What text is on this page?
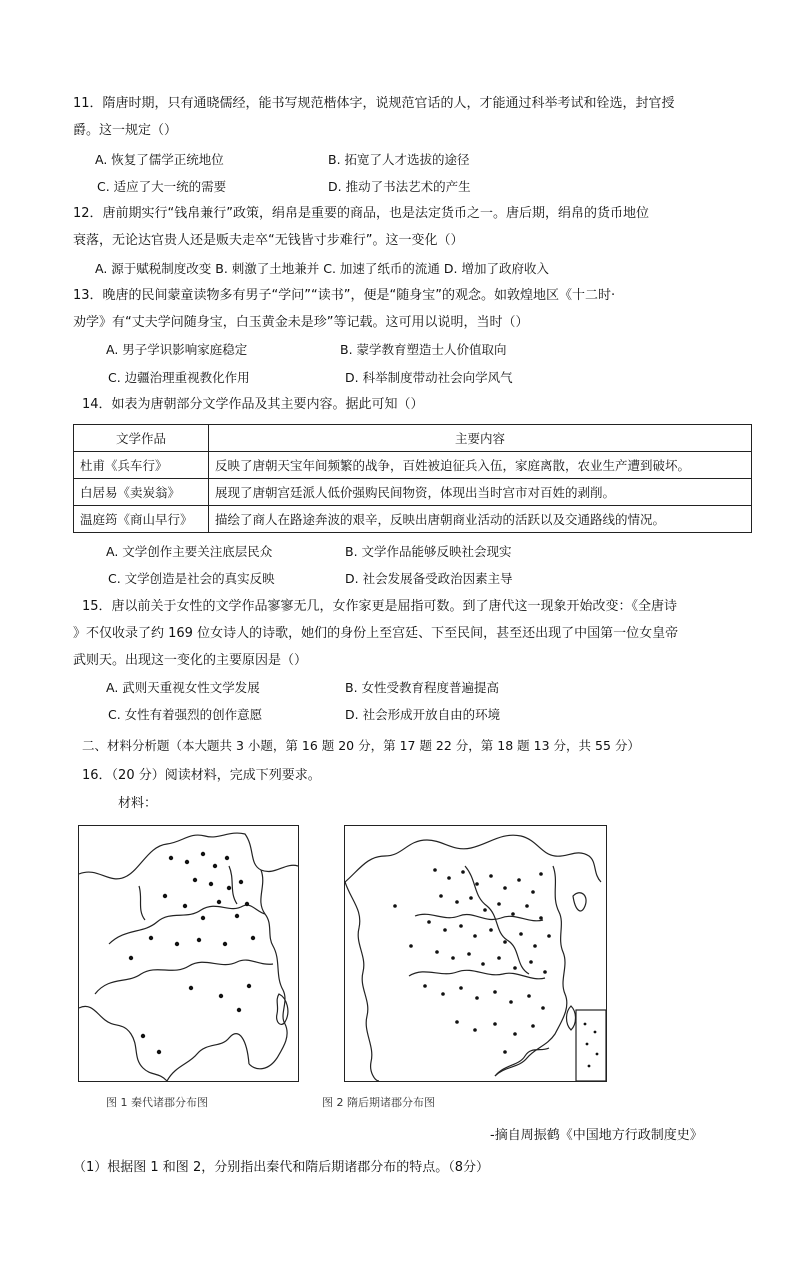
11．隋唐时期，只有通晓儒经，能书写规范楷体字，说规范官话的人，才能通过科举考试和铨选，封官授
爵。这一规定（）
A. 恢复了儒学正统地位	B. 拓宽了人才选拔的途径
C. 适应了大一统的需要	D. 推动了书法艺术的产生
12．唐前期实行“钱帛兼行”政策，绢帛是重要的商品，也是法定货币之一。唐后期，绢帛的货币地位
衰落，无论达官贵人还是贩夫走卒“无钱皆寸步难行”。这一变化（）
A. 源于赋税制度改变 B. 刺激了土地兼并 C. 加速了纸币的流通 D. 增加了政府收入
13．晚唐的民间蒙童读物多有男子“学问”“读书”，便是“随身宝”的观念。如敦煌地区《十二时·
劝学》有“丈夫学问随身宝，白玉黄金未是珍”等记载。这可用以说明，当时（）
A. 男子学识影响家庭稳定	B. 蒙学教育塑造士人价值取向
C. 边疆治理重视教化作用	D. 科举制度带动社会向学风气
14．如表为唐朝部分文学作品及其主要内容。据此可知（）
文学作品	主要内容
杜甫《兵车行》	反映了唐朝天宝年间频繁的战争，百姓被迫征兵入伍，家庭离散，农业生产遭到破坏。
白居易《卖炭翁》	展现了唐朝宫廷派人低价强购民间物资，体现出当时宫市对百姓的剥削。
温庭筠《商山早行》	描绘了商人在路途奔波的艰辛，反映出唐朝商业活动的活跃以及交通路线的情况。
A. 文学创作主要关注底层民众	B. 文学作品能够反映社会现实
C. 文学创造是社会的真实反映	D. 社会发展备受政治因素主导
15．唐以前关于女性的文学作品寥寥无几，女作家更是屈指可数。到了唐代这一现象开始改变：《全唐诗
》不仅收录了约 169 位女诗人的诗歌，她们的身份上至宫廷、下至民间，甚至还出现了中国第一位女皇帝
武则天。出现这一变化的主要原因是（）
A. 武则天重视女性文学发展	B. 女性受教育程度普遍提高
C. 女性有着强烈的创作意愿	D. 社会形成开放自由的环境
二、材料分析题（本大题共 3 小题，第 16 题 20 分，第 17 题 22 分，第 18 题 13 分，共 55 分）
16．（20 分）阅读材料，完成下列要求。
材料：
图 1 秦代诸郡分布图	图 2 隋后期诸郡分布图
-摘自周振鹤《中国地方行政制度史》
（1）根据图 1 和图 2，分别指出秦代和隋后期诸郡分布的特点。（8分）
